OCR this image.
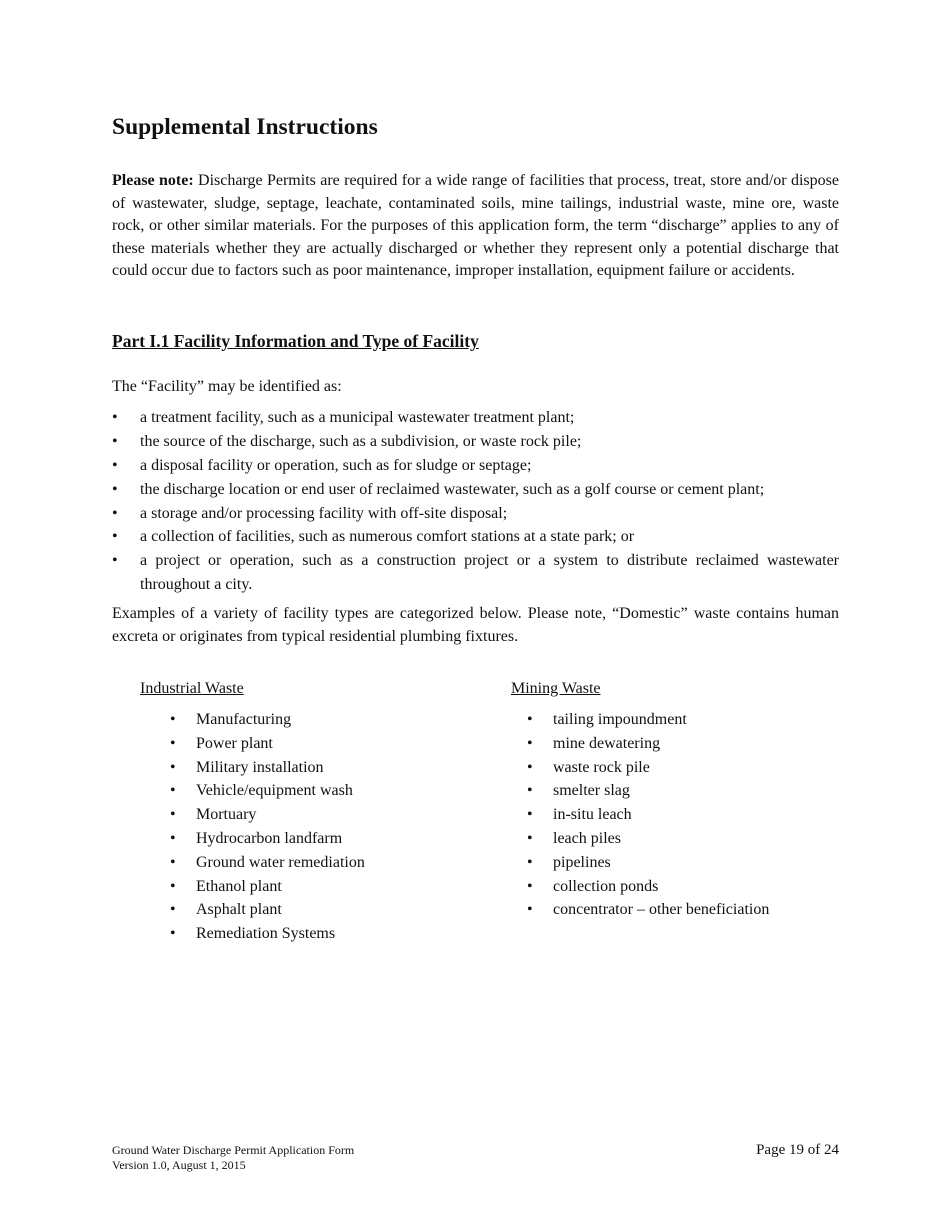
Supplemental Instructions

Please note: Discharge Permits are required for a wide range of facilities that process, treat, store and/or dispose of wastewater, sludge, septage, leachate, contaminated soils, mine tailings, industrial waste, mine ore, waste rock, or other similar materials. For the purposes of this application form, the term “discharge” applies to any of these materials whether they are actually discharged or whether they represent only a potential discharge that could occur due to factors such as poor maintenance, improper installation, equipment failure or accidents.

Part I.1 Facility Information and Type of Facility

The “Facility” may be identified as:

• a treatment facility, such as a municipal wastewater treatment plant;
• the source of the discharge, such as a subdivision, or waste rock pile;
• a disposal facility or operation, such as for sludge or septage;
• the discharge location or end user of reclaimed wastewater, such as a golf course or cement plant;
• a storage and/or processing facility with off-site disposal;
• a collection of facilities, such as numerous comfort stations at a state park; or
• a project or operation, such as a construction project or a system to distribute reclaimed wastewater throughout a city.

Examples of a variety of facility types are categorized below. Please note, “Domestic” waste contains human excreta or originates from typical residential plumbing fixtures.

Industrial Waste
• Manufacturing
• Power plant
• Military installation
• Vehicle/equipment wash
• Mortuary
• Hydrocarbon landfarm
• Ground water remediation
• Ethanol plant
• Asphalt plant
• Remediation Systems
Mining Waste
• tailing impoundment
• mine dewatering
• waste rock pile
• smelter slag
• in-situ leach
• leach piles
• pipelines
• collection ponds
• concentrator – other beneficiation
Ground Water Discharge Permit Application Form
Version 1.0, August 1, 2015
Page 19 of 24
